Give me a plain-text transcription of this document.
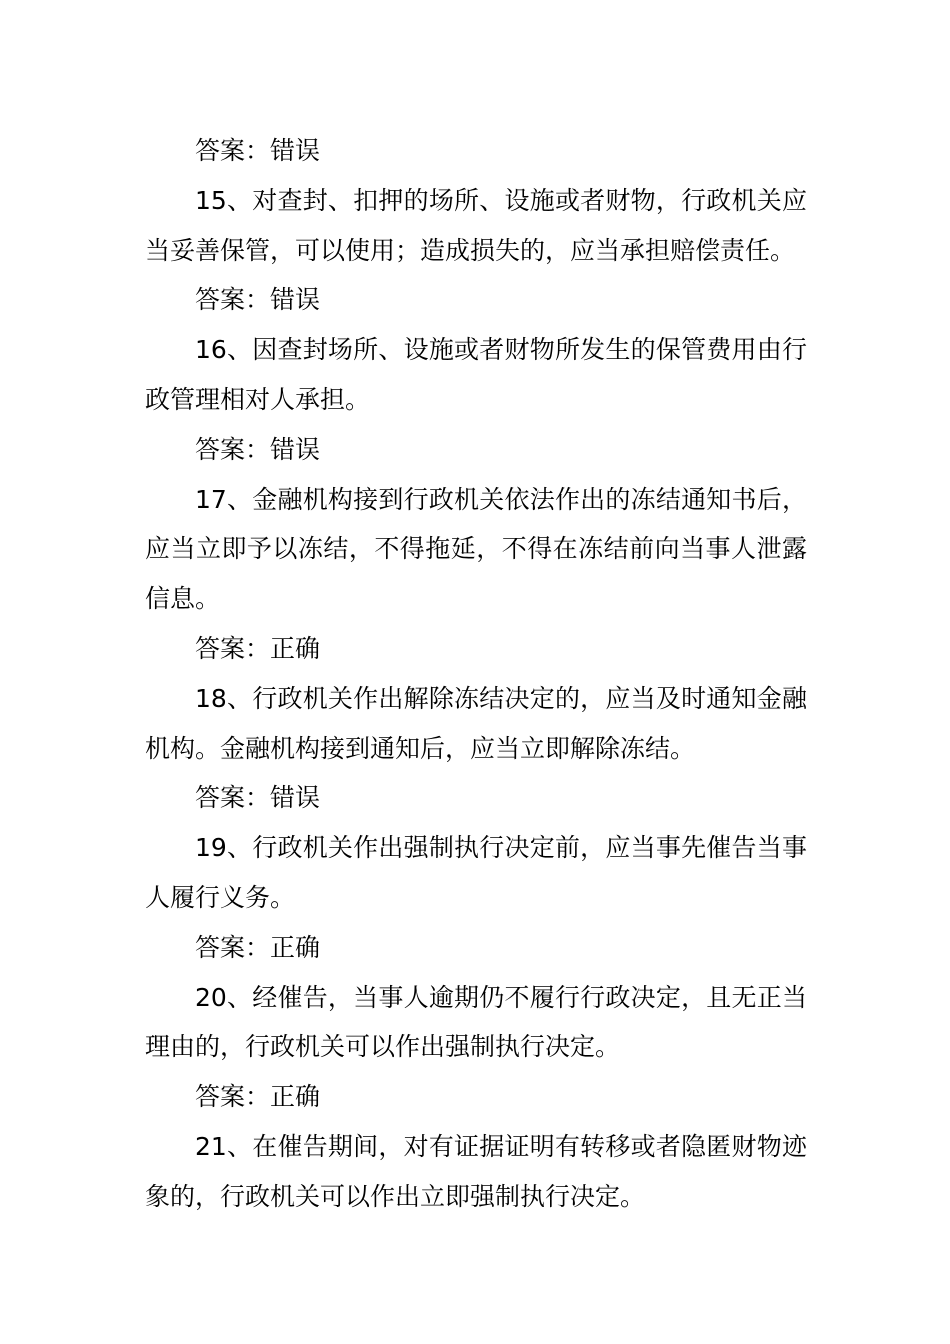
答案：错误

15、对查封、扣押的场所、设施或者财物，行政机关应当妥善保管，可以使用；造成损失的，应当承担赔偿责任。

答案：错误

16、因查封场所、设施或者财物所发生的保管费用由行政管理相对人承担。

答案：错误

17、金融机构接到行政机关依法作出的冻结通知书后，应当立即予以冻结，不得拖延，不得在冻结前向当事人泄露信息。

答案：正确

18、行政机关作出解除冻结决定的，应当及时通知金融机构。金融机构接到通知后，应当立即解除冻结。

答案：错误

19、行政机关作出强制执行决定前，应当事先催告当事人履行义务。

答案：正确

20、经催告，当事人逾期仍不履行行政决定，且无正当理由的，行政机关可以作出强制执行决定。

答案：正确

21、在催告期间，对有证据证明有转移或者隐匿财物迹象的，行政机关可以作出立即强制执行决定。
